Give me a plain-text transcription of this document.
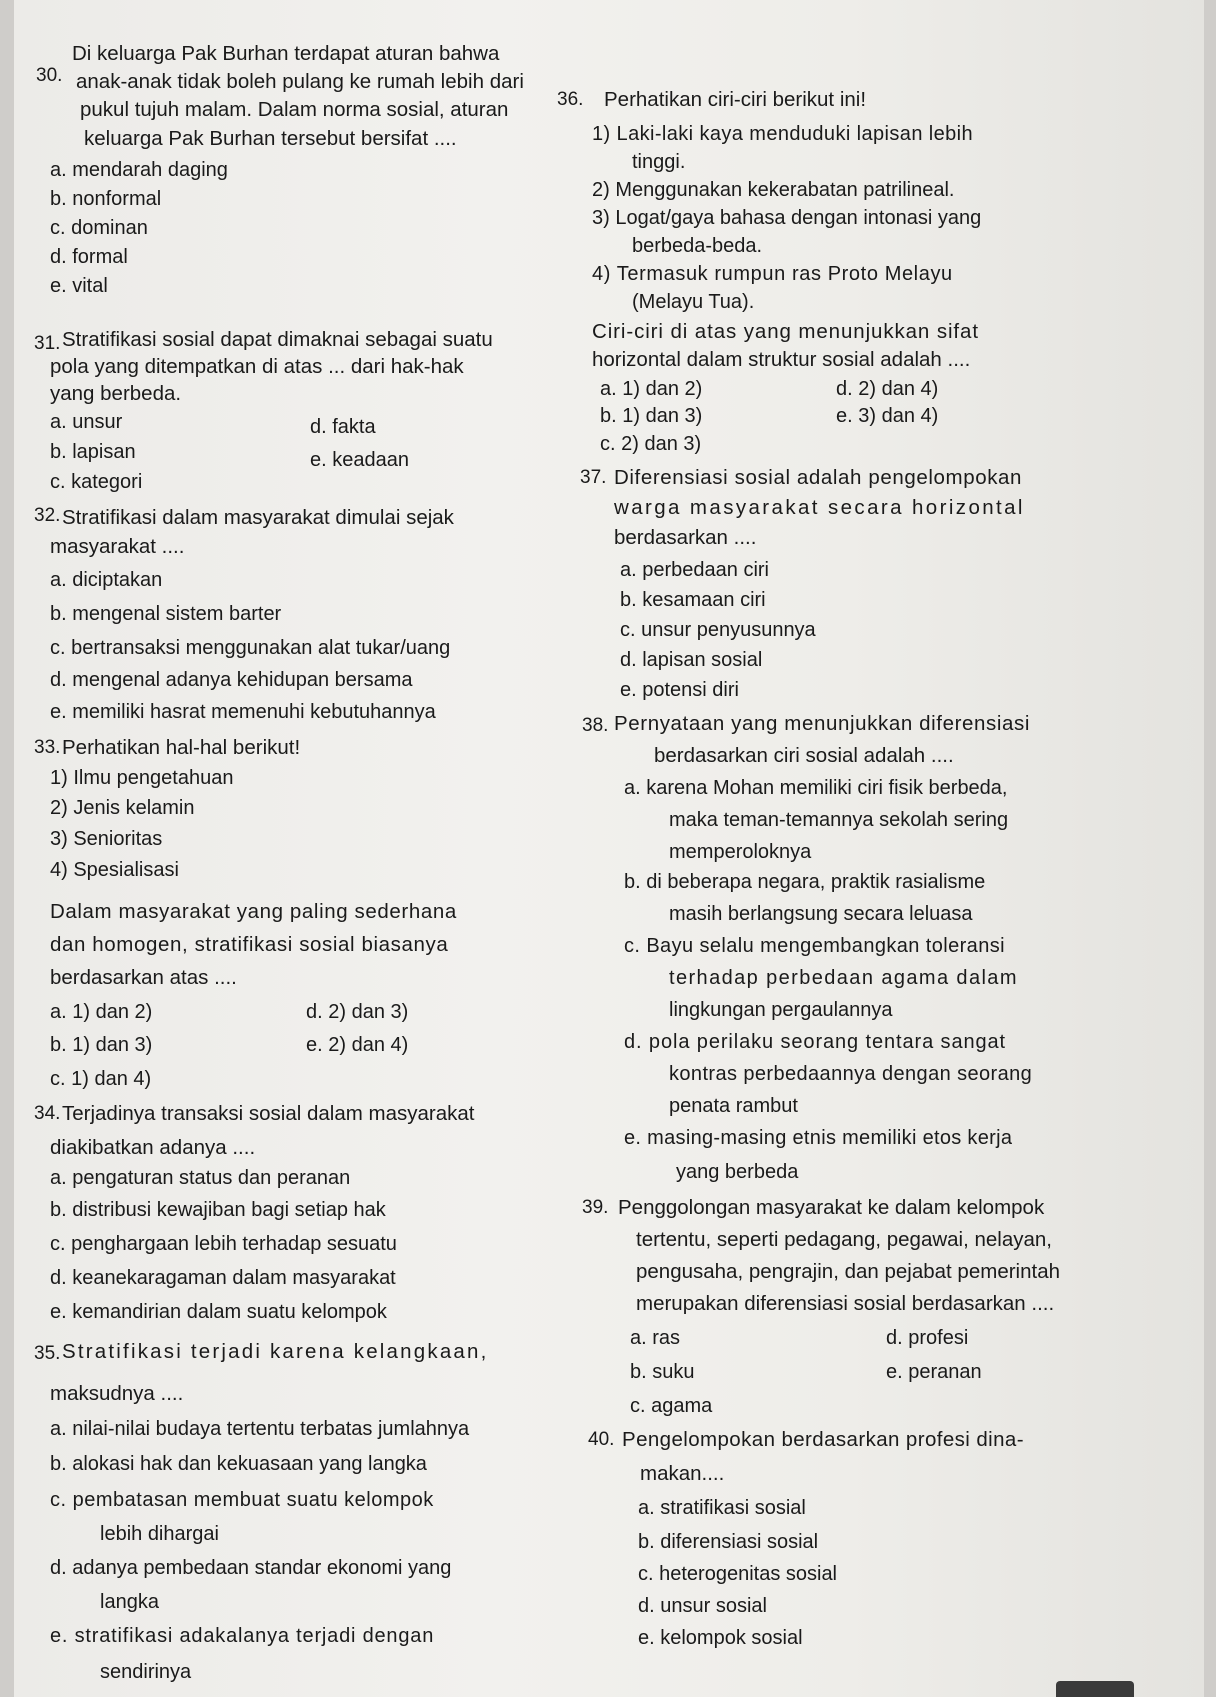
30.
Di keluarga Pak Burhan terdapat aturan bahwa
anak-anak tidak boleh pulang ke rumah lebih dari
pukul tujuh malam. Dalam norma sosial, aturan
keluarga Pak Burhan tersebut bersifat ....
a. mendarah daging
b. nonformal
c. dominan
d. formal
e. vital
31. Stratifikasi sosial dapat dimaknai sebagai suatu
pola yang ditempatkan di atas ... dari hak-hak
yang berbeda.
a. unsur
b. lapisan
c. kategori
d. fakta
e. keadaan
32. Stratifikasi dalam masyarakat dimulai sejak
masyarakat ....
a. diciptakan
b. mengenal sistem barter
c. bertransaksi menggunakan alat tukar/uang
d. mengenal adanya kehidupan bersama
e. memiliki hasrat memenuhi kebutuhannya
33. Perhatikan hal-hal berikut!
1) Ilmu pengetahuan
2) Jenis kelamin
3) Senioritas
4) Spesialisasi
Dalam masyarakat yang paling sederhana
dan homogen, stratifikasi sosial biasanya
berdasarkan atas ....
a. 1) dan 2)
b. 1) dan 3)
c. 1) dan 4)
d. 2) dan 3)
e. 2) dan 4)
34. Terjadinya transaksi sosial dalam masyarakat
diakibatkan adanya ....
a. pengaturan status dan peranan
b. distribusi kewajiban bagi setiap hak
c. penghargaan lebih terhadap sesuatu
d. keanekaragaman dalam masyarakat
e. kemandirian dalam suatu kelompok
35. Stratifikasi terjadi karena kelangkaan,
maksudnya ....
a. nilai-nilai budaya tertentu terbatas jumlahnya
b. alokasi hak dan kekuasaan yang langka
c. pembatasan membuat suatu kelompok
lebih dihargai
d. adanya pembedaan standar ekonomi yang
langka
e. stratifikasi adakalanya terjadi dengan
sendirinya
36. Perhatikan ciri-ciri berikut ini!
1) Laki-laki kaya menduduki lapisan lebih
tinggi.
2) Menggunakan kekerabatan patrilineal.
3) Logat/gaya bahasa dengan intonasi yang
berbeda-beda.
4) Termasuk rumpun ras Proto Melayu
(Melayu Tua).
Ciri-ciri di atas yang menunjukkan sifat
horizontal dalam struktur sosial adalah ....
a. 1) dan 2)
b. 1) dan 3)
c. 2) dan 3)
d. 2) dan 4)
e. 3) dan 4)
37. Diferensiasi sosial adalah pengelompokan
warga masyarakat secara horizontal
berdasarkan ....
a. perbedaan ciri
b. kesamaan ciri
c. unsur penyusunnya
d. lapisan sosial
e. potensi diri
38. Pernyataan yang menunjukkan diferensiasi
berdasarkan ciri sosial adalah ....
a. karena Mohan memiliki ciri fisik berbeda,
maka teman-temannya sekolah sering
memperoloknya
b. di beberapa negara, praktik rasialisme
masih berlangsung secara leluasa
c. Bayu selalu mengembangkan toleransi
terhadap perbedaan agama dalam
lingkungan pergaulannya
d. pola perilaku seorang tentara sangat
kontras perbedaannya dengan seorang
penata rambut
e. masing-masing etnis memiliki etos kerja
yang berbeda
39. Penggolongan masyarakat ke dalam kelompok
tertentu, seperti pedagang, pegawai, nelayan,
pengusaha, pengrajin, dan pejabat pemerintah
merupakan diferensiasi sosial berdasarkan ....
a. ras
b. suku
c. agama
d. profesi
e. peranan
40. Pengelompokan berdasarkan profesi dina-
makan....
a. stratifikasi sosial
b. diferensiasi sosial
c. heterogenitas sosial
d. unsur sosial
e. kelompok sosial
